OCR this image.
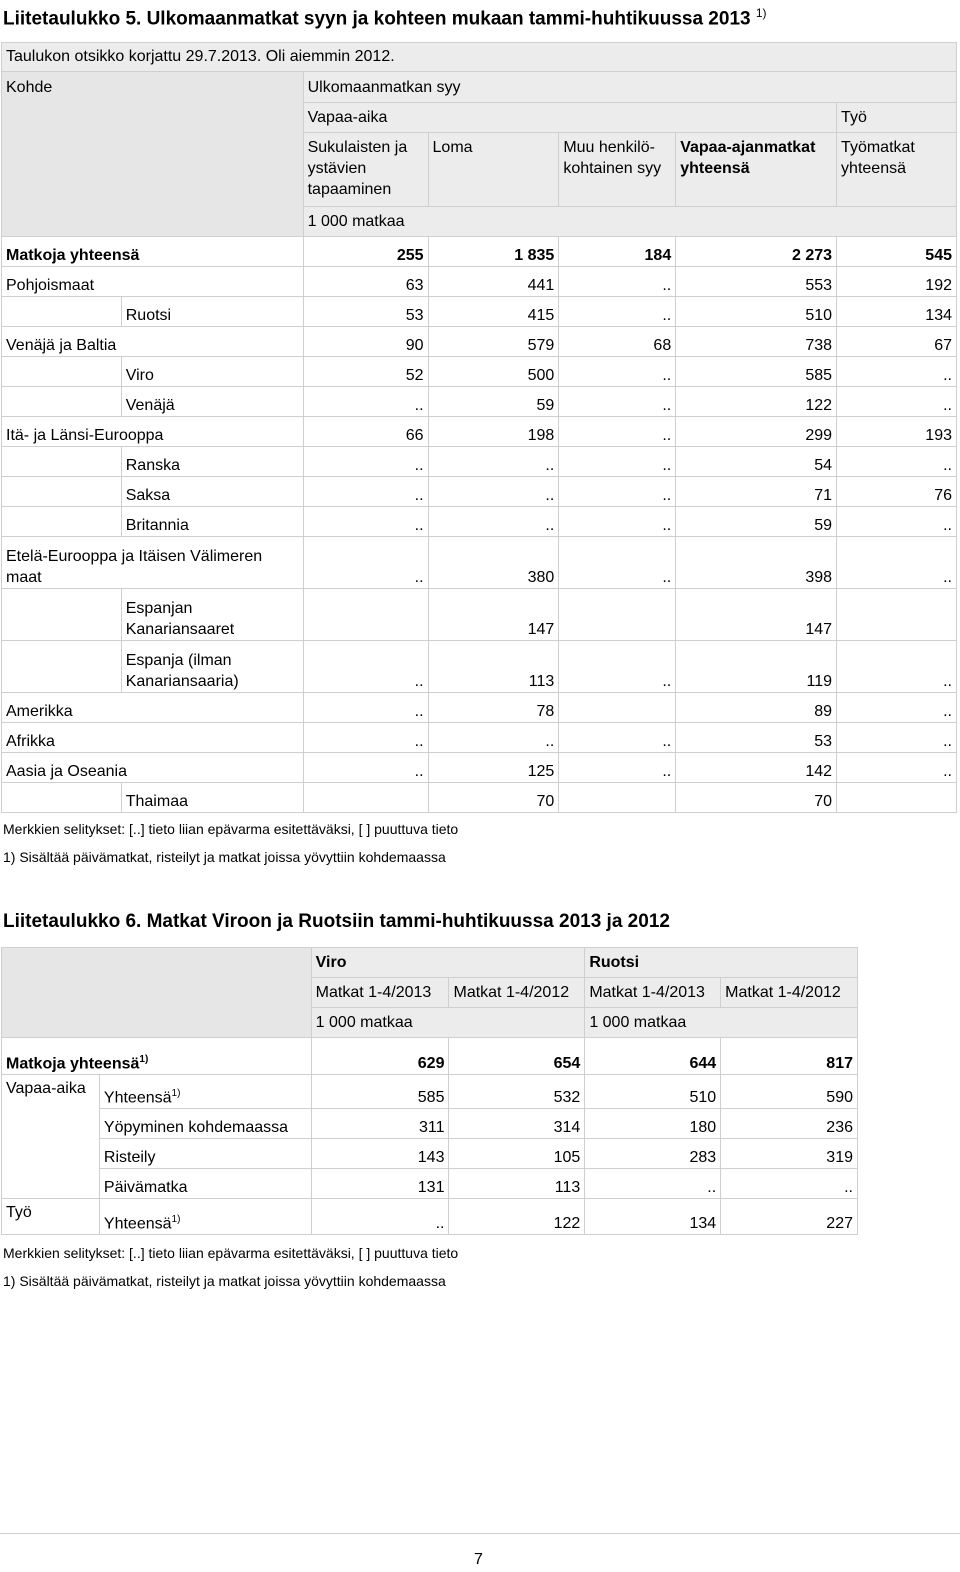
Liitetaulukko 5. Ulkomaanmatkat syyn ja kohteen mukaan tammi-huhtikuussa 2013 $^{1)}$
Taulukon otsikko korjattu 29.7.2013. Oli aiemmin 2012.						
Kohde		Ulkomaanmatkan syy				
		Vapaa-aika				Työ
		Sukulaisten ja ystävien tapaaminen	Loma	Muu henkilö-kohtainen syy	Vapaa-ajanmatkat yhteensä	Työmatkat yhteensä
		1 000 matkaa				
Matkoja yhteensä		255	1 835	184	2 273	545
Pohjoismaat		63	441	..	553	192
	Ruotsi	53	415	..	510	134
Venäjä ja Baltia		90	579	68	738	67
	Viro	52	500	..	585	..
	Venäjä	..	59	..	122	..
Itä- ja Länsi-Eurooppa		66	198	..	299	193
	Ranska	..	..	..	54	..
	Saksa	..	..	..	71	76
	Britannia	..	..	..	59	..
Etelä-Eurooppa ja Itäisen Välimeren maat		..	380	..	398	..
	Espanjan Kanariansaaret		147		147	
	Espanja (ilman Kanariansaaria)	..	113	..	119	..
Amerikka		..	78		89	..
Afrikka		..	..	..	53	..
Aasia ja Oseania		..	125	..	142	..
	Thaimaa		70		70	
Merkkien selitykset: [..] tieto liian epävarma esitettäväksi, [ ] puuttuva tieto
1) Sisältää päivämatkat, risteilyt ja matkat joissa yövyttiin kohdemaassa
Liitetaulukko 6. Matkat Viroon ja Ruotsiin tammi-huhtikuussa 2013 ja 2012
		Viro		Ruotsi	
		Matkat 1-4/2013	Matkat 1-4/2012	Matkat 1-4/2013	Matkat 1-4/2012
		1 000 matkaa		1 000 matkaa	
Matkoja yhteensä$^{1)}$		629	654	644	817
Vapaa-aika	Yhteensä$^{1)}$	585	532	510	590
	Yöpyminen kohdemaassa	311	314	180	236
	Risteily	143	105	283	319
	Päivämatka	131	113	..	..
Työ	Yhteensä$^{1)}$	..	122	134	227
Merkkien selitykset: [..] tieto liian epävarma esitettäväksi, [ ] puuttuva tieto
1) Sisältää päivämatkat, risteilyt ja matkat joissa yövyttiin kohdemaassa
7
